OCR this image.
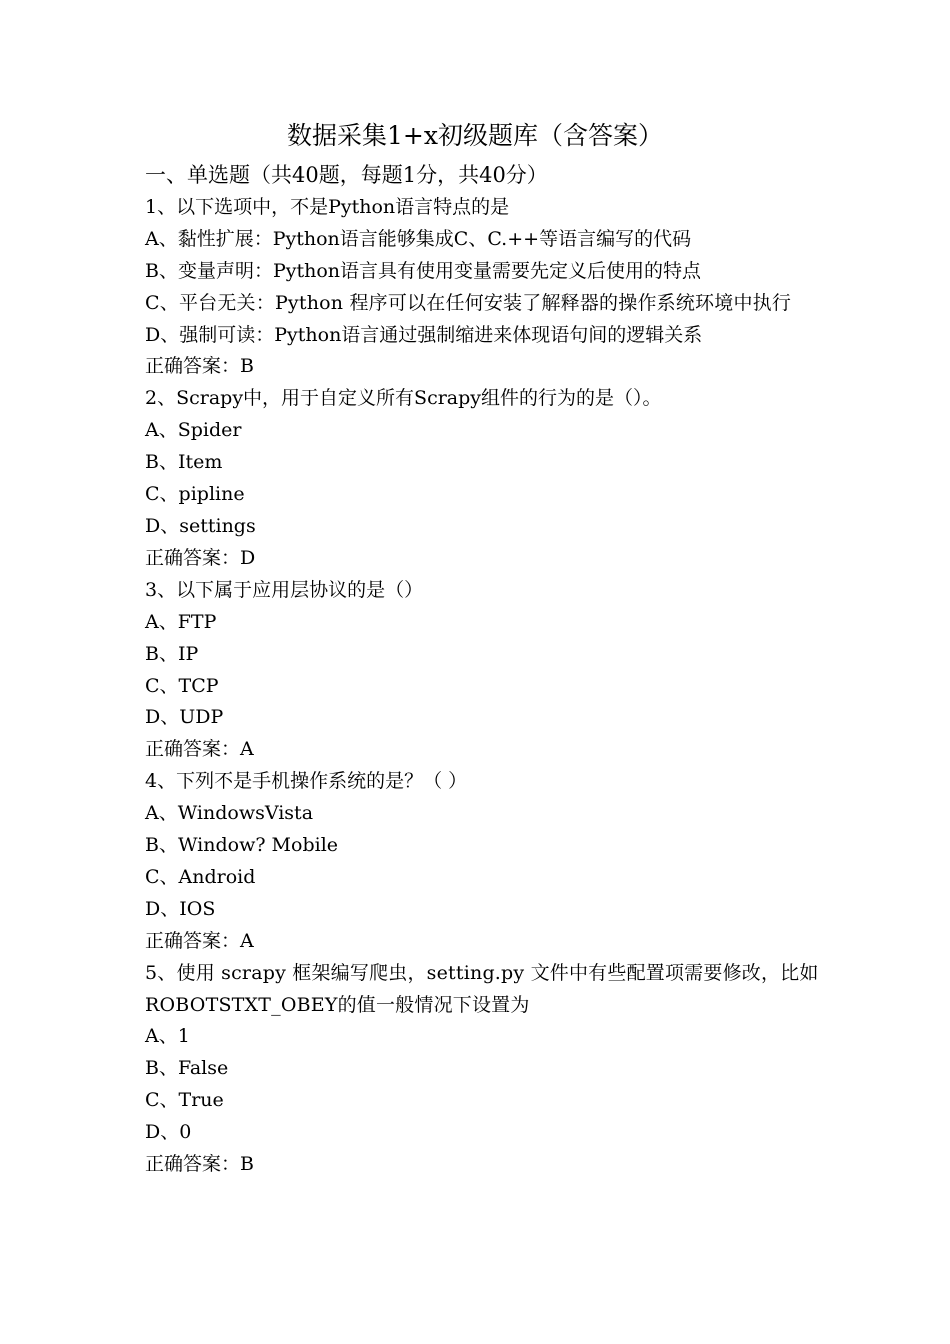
数据采集1+x初级题库（含答案）

一、单选题（共40题，每题1分，共40分）

1、以下选项中，不是Python语言特点的是

A、黏性扩展：Python语言能够集成C、C.++等语言编写的代码

B、变量声明：Python语言具有使用变量需要先定义后使用的特点

C、平台无关：Python 程序可以在任何安装了解释器的操作系统环境中执行

D、强制可读：Python语言通过强制缩进来体现语句间的逻辑关系

正确答案：B

2、Scrapy中，用于自定义所有Scrapy组件的行为的是（）。

A、Spider

B、Item

C、pipline

D、settings

正确答案：D

3、以下属于应用层协议的是（）

A、FTP

B、IP

C、TCP

D、UDP

正确答案：A

4、下列不是手机操作系统的是？（ ）

A、WindowsVista

B、Window? Mobile

C、Android

D、IOS

正确答案：A

5、使用 scrapy 框架编写爬虫，setting.py 文件中有些配置项需要修改，比如ROBOTSTXT_OBEY的值一般情况下设置为

A、1

B、False

C、True

D、0

正确答案：B
